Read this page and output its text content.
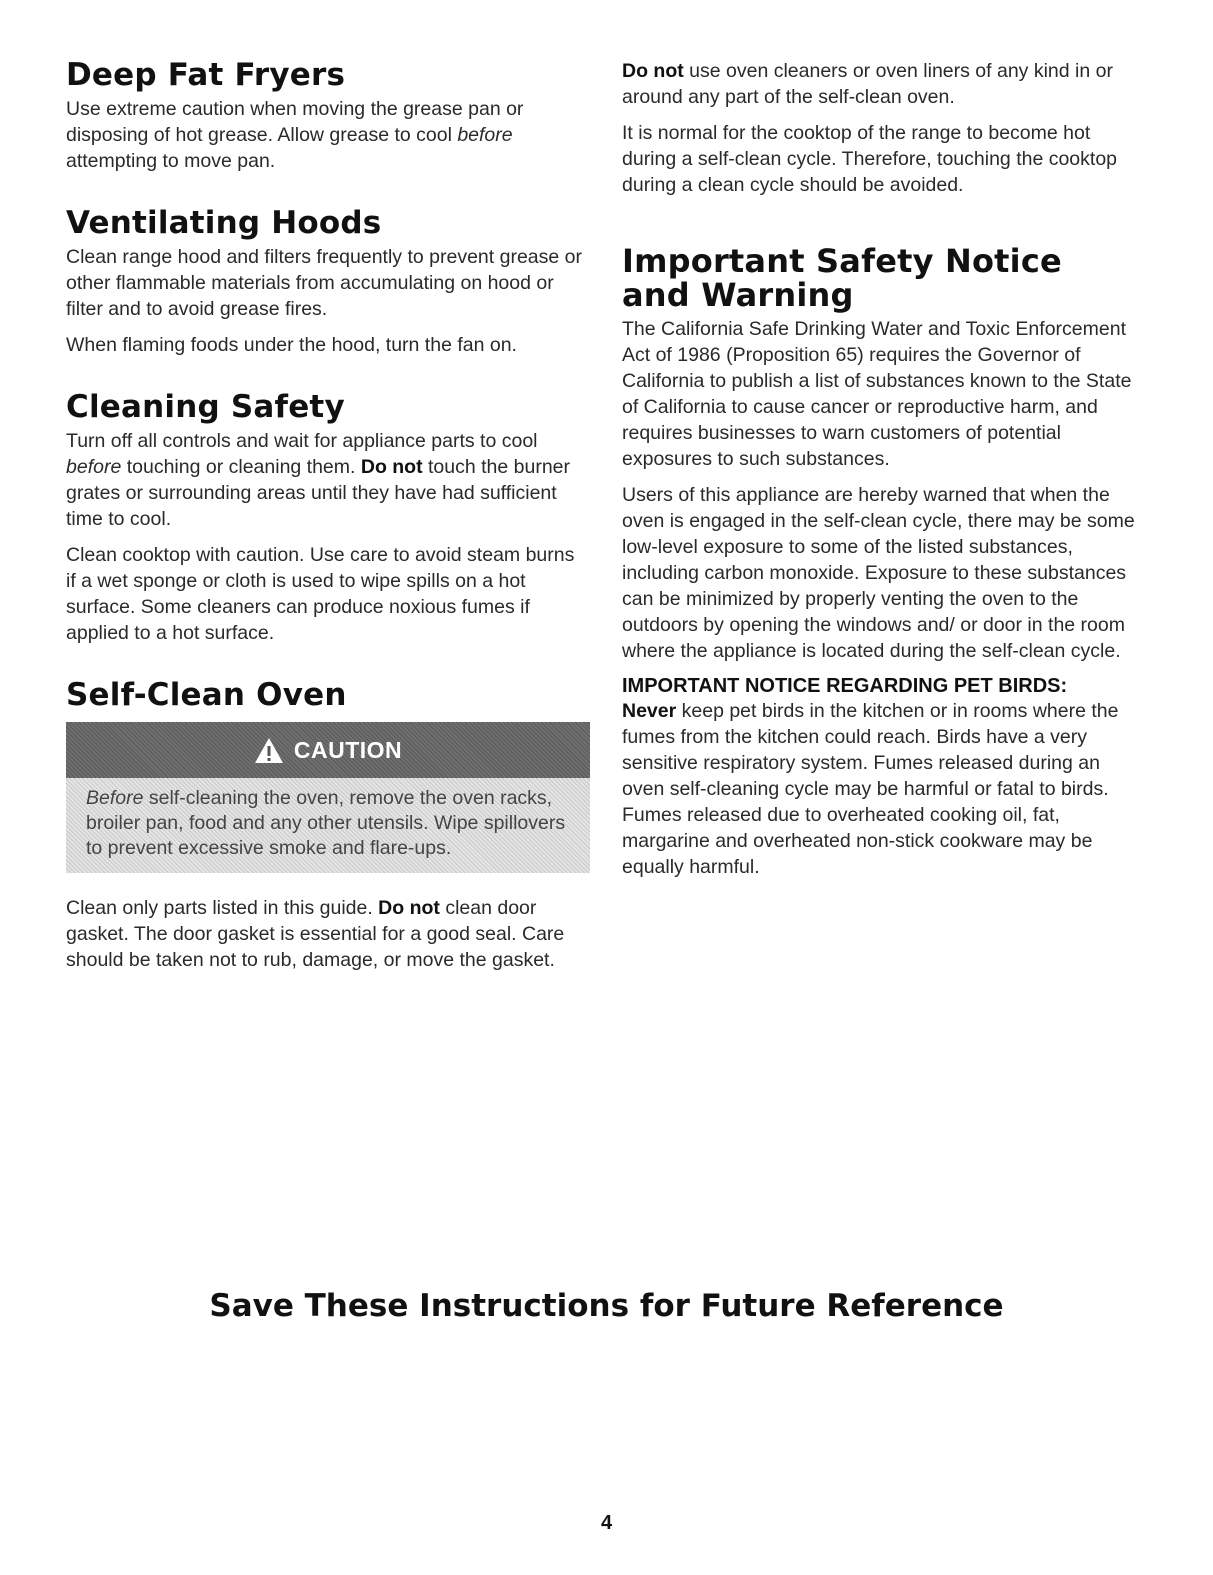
Deep Fat Fryers

Use extreme caution when moving the grease pan or disposing of hot grease. Allow grease to cool before attempting to move pan.

Ventilating Hoods

Clean range hood and filters frequently to prevent grease or other flammable materials from accumulating on hood or filter and to avoid grease fires.

When flaming foods under the hood, turn the fan on.

Cleaning Safety

Turn off all controls and wait for appliance parts to cool before touching or cleaning them. Do not touch the burner grates or surrounding areas until they have had sufficient time to cool.

Clean cooktop with caution. Use care to avoid steam burns if a wet sponge or cloth is used to wipe spills on a hot surface. Some cleaners can produce noxious fumes if applied to a hot surface.

Self-Clean Oven
CAUTION

Before self-cleaning the oven, remove the oven racks, broiler pan, food and any other utensils. Wipe spillovers to prevent excessive smoke and flare-ups.

Clean only parts listed in this guide. Do not clean door gasket. The door gasket is essential for a good seal. Care should be taken not to rub, damage, or move the gasket.

Do not use oven cleaners or oven liners of any kind in or around any part of the self-clean oven.

It is normal for the cooktop of the range to become hot during a self-clean cycle. Therefore, touching the cooktop during a clean cycle should be avoided.

Important Safety Notice
and Warning

The California Safe Drinking Water and Toxic Enforcement Act of 1986 (Proposition 65) requires the Governor of California to publish a list of substances known to the State of California to cause cancer or reproductive harm, and requires businesses to warn customers of potential exposures to such substances.

Users of this appliance are hereby warned that when the oven is engaged in the self-clean cycle, there may be some low-level exposure to some of the listed substances, including carbon monoxide. Exposure to these substances can be minimized by properly venting the oven to the outdoors by opening the windows and/ or door in the room where the appliance is located during the self-clean cycle.

IMPORTANT NOTICE REGARDING PET BIRDS:

Never keep pet birds in the kitchen or in rooms where the fumes from the kitchen could reach. Birds have a very sensitive respiratory system. Fumes released during an oven self-cleaning cycle may be harmful or fatal to birds. Fumes released due to overheated cooking oil, fat, margarine and overheated non-stick cookware may be equally harmful.

Save These Instructions for Future Reference
4
